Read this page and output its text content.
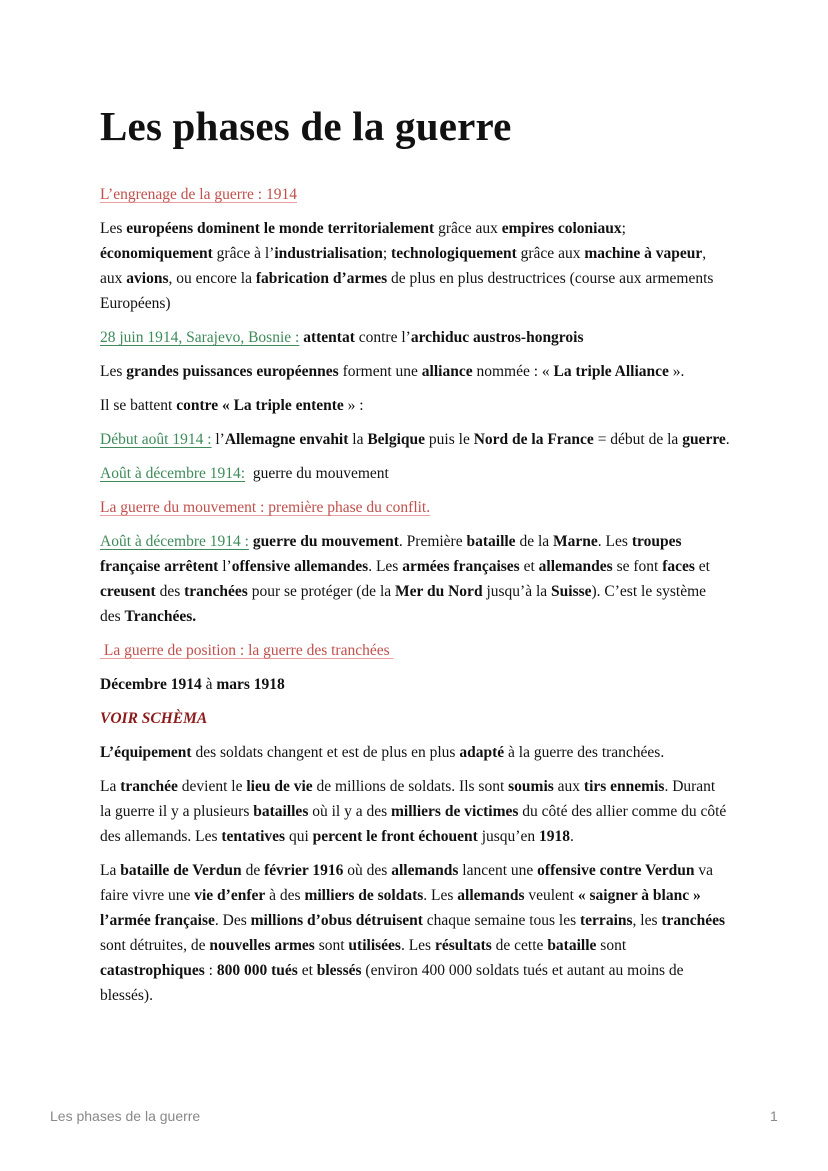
Les phases de la guerre

L’engrenage de la guerre : 1914

Les européens dominent le monde territorialement grâce aux empires coloniaux; économiquement grâce à l’industrialisation; technologiquement grâce aux machine à vapeur, aux avions, ou encore la fabrication d’armes de plus en plus destructrices (course aux armements Européens)

28 juin 1914, Sarajevo, Bosnie : attentat contre l’archiduc austros-hongrois

Les grandes puissances européennes forment une alliance nommée : « La triple Alliance ».

Il se battent contre « La triple entente » :

Début août 1914 : l’Allemagne envahit la Belgique puis le Nord de la France = début de la guerre.

Août à décembre 1914:  guerre du mouvement

La guerre du mouvement : première phase du conflit.

Août à décembre 1914 : guerre du mouvement. Première bataille de la Marne. Les troupes française arrêtent l’offensive allemandes. Les armées françaises et allemandes se font faces et creusent des tranchées pour se protéger (de la Mer du Nord jusqu’à la Suisse). C’est le système des Tranchées.

La guerre de position : la guerre des tranchées

Décembre 1914 à mars 1918

VOIR SCHÈMA

L’équipement des soldats changent et est de plus en plus adapté à la guerre des tranchées.

La tranchée devient le lieu de vie de millions de soldats. Ils sont soumis aux tirs ennemis. Durant la guerre il y a plusieurs batailles où il y a des milliers de victimes du côté des allier comme du côté des allemands. Les tentatives qui percent le front échouent jusqu’en 1918.

La bataille de Verdun de février 1916 où des allemands lancent une offensive contre Verdun va faire vivre une vie d’enfer à des milliers de soldats. Les allemands veulent « saigner à blanc » l’armée française. Des millions d’obus détruisent chaque semaine tous les terrains, les tranchées sont détruites, de nouvelles armes sont utilisées. Les résultats de cette bataille sont catastrophiques : 800 000 tués et blessés (environ 400 000 soldats tués et autant au moins de blessés).

Les phases de la guerre	1
